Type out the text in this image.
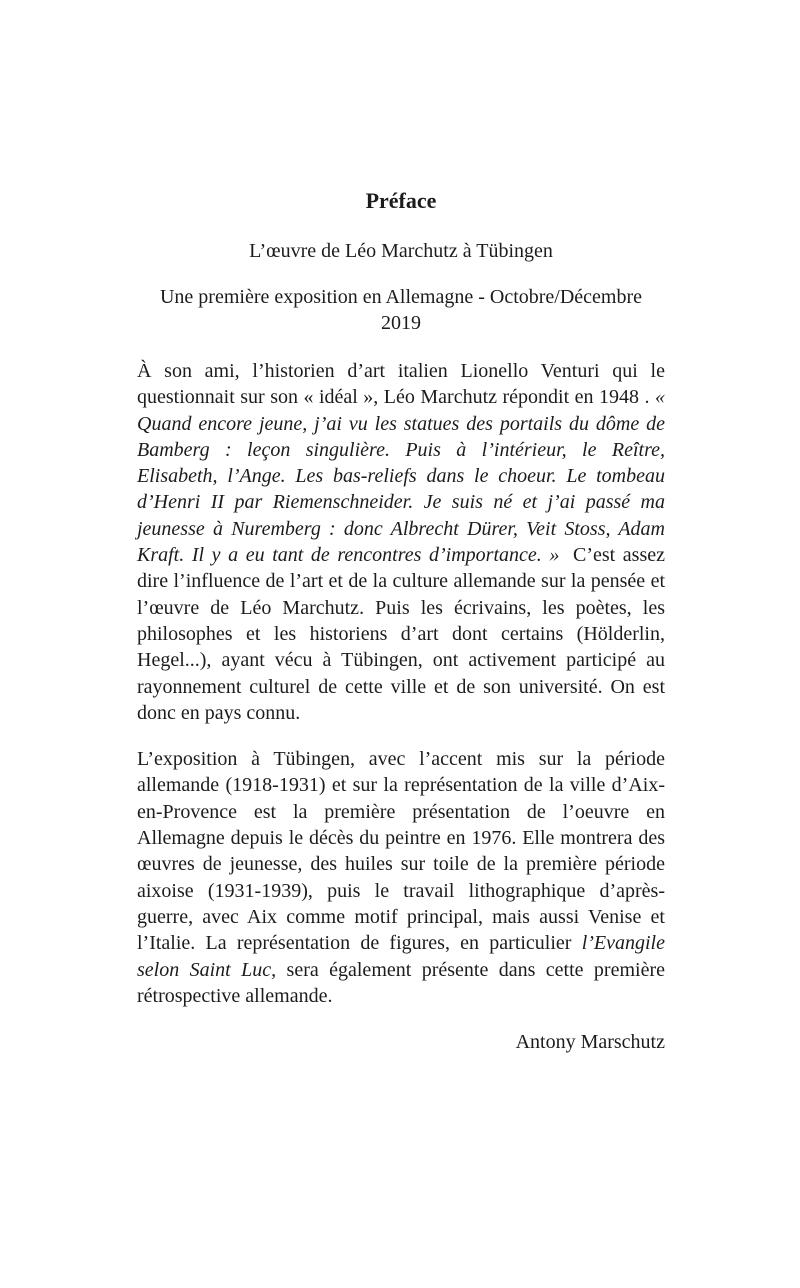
Préface
L’œuvre de Léo Marchutz à Tübingen
Une première exposition en Allemagne - Octobre/Décembre
2019

À son ami, l’historien d’art italien Lionello Venturi qui le questionnait sur son « idéal », Léo Marchutz répondit en 1948 . « Quand encore jeune, j’ai vu les statues des portails du dôme de Bamberg : leçon singulière. Puis à l’intérieur, le Reître, Elisabeth, l’Ange. Les bas-reliefs dans le choeur. Le tombeau d’Henri II par Riemenschneider. Je suis né et j’ai passé ma jeunesse à Nuremberg : donc Albrecht Dürer, Veit Stoss, Adam Kraft. Il y a eu tant de rencontres d’importance. » C’est assez dire l’influence de l’art et de la culture allemande sur la pensée et l’œuvre de Léo Marchutz. Puis les écrivains, les poètes, les philosophes et les historiens d’art dont certains (Hölderlin, Hegel...), ayant vécu à Tübingen, ont activement participé au rayonnement culturel de cette ville et de son université. On est donc en pays connu.

L’exposition à Tübingen, avec l’accent mis sur la période allemande (1918-1931) et sur la représentation de la ville d’Aix-en-Provence est la première présentation de l’oeuvre en Allemagne depuis le décès du peintre en 1976. Elle montrera des œuvres de jeunesse, des huiles sur toile de la première période aixoise (1931-1939), puis le travail lithographique d’après-guerre, avec Aix comme motif principal, mais aussi Venise et l’Italie. La représentation de figures, en particulier l’Evangile selon Saint Luc, sera également présente dans cette première rétrospective allemande.

Antony Marschutz
